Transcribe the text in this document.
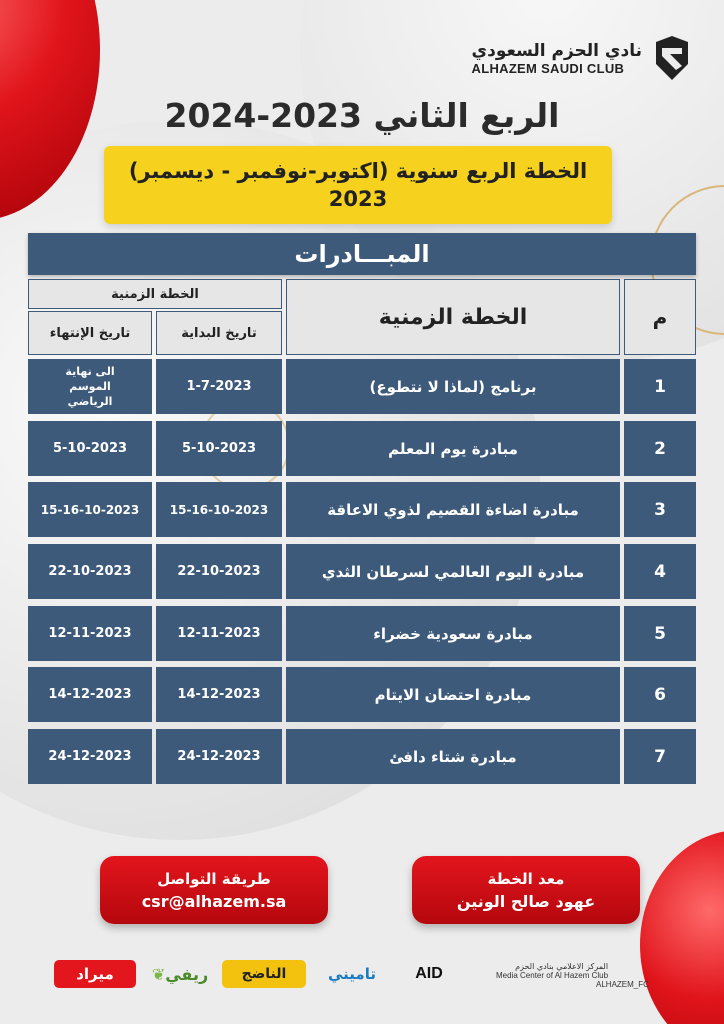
نادي الحزم السعودي
ALHAZEM SAUDI CLUB
الربع الثاني 2023-2024
الخطة الربع سنوية (اكتوبر-نوفمبر - ديسمبر)
2023
المبـــادرات
م
الخطة الزمنية
الخطة الزمنية
تاريخ البداية
تاريخ الإنتهاء
1
برنامج (لماذا لا نتطوع)
1-7-2023
الى نهاية الموسم الرياضي
2
مبادرة يوم المعلم
5-10-2023
5-10-2023
3
مبادرة اضاءة القصيم لذوي الاعاقة
15-16-10-2023
15-16-10-2023
4
مبادرة اليوم العالمي لسرطان الثدي
22-10-2023
22-10-2023
5
مبادرة سعودية خضراء
12-11-2023
12-11-2023
6
مبادرة احتضان الايتام
14-12-2023
14-12-2023
7
مبادرة شتاء دافئ
24-12-2023
24-12-2023
طريقة التواصل
csr@alhazem.sa
معد الخطة
عهود صالح الونين
ميراد ❦ ريفي الناضج	تاميني AID	المركز الاعلامي بنادي الحزم
Media Center of Al Hazem Club
ALHAZEM_FC
